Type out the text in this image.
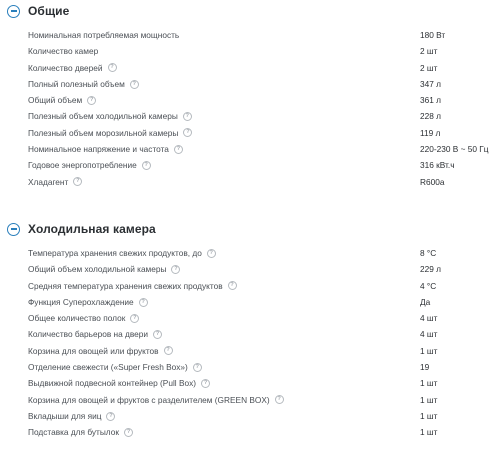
Общие
Номинальная потребляемая мощность	180 Вт
Количество камер	2 шт
Количество дверей	?	2 шт
Полный полезный объем	?	347 л
Общий объем	?	361 л
Полезный объем холодильной камеры	?	228 л
Полезный объем морозильной камеры	?	119 л
Номинальное напряжение и частота	?	220-230 В ~ 50 Гц
Годовое энергопотребление	?	316 кВт.ч
Хладагент	?	R600a
Холодильная камера
Температура хранения свежих продуктов, до	?	8 °С
Общий объем холодильной камеры	?	229 л
Средняя температура хранения свежих продуктов	?	4 °С
Функция Суперохлаждение	?	Да
Общее количество полок	?	4 шт
Количество барьеров на двери	?	4 шт
Корзина для овощей или фруктов	?	1 шт
Отделение свежести («Super Fresh Box»)	?	19
Выдвижной подвесной контейнер (Pull Box)	?	1 шт
Корзина для овощей и фруктов с разделителем (GREEN BOX)	?	1 шт
Вкладыши для яиц	?	1 шт
Подставка для бутылок	?	1 шт
